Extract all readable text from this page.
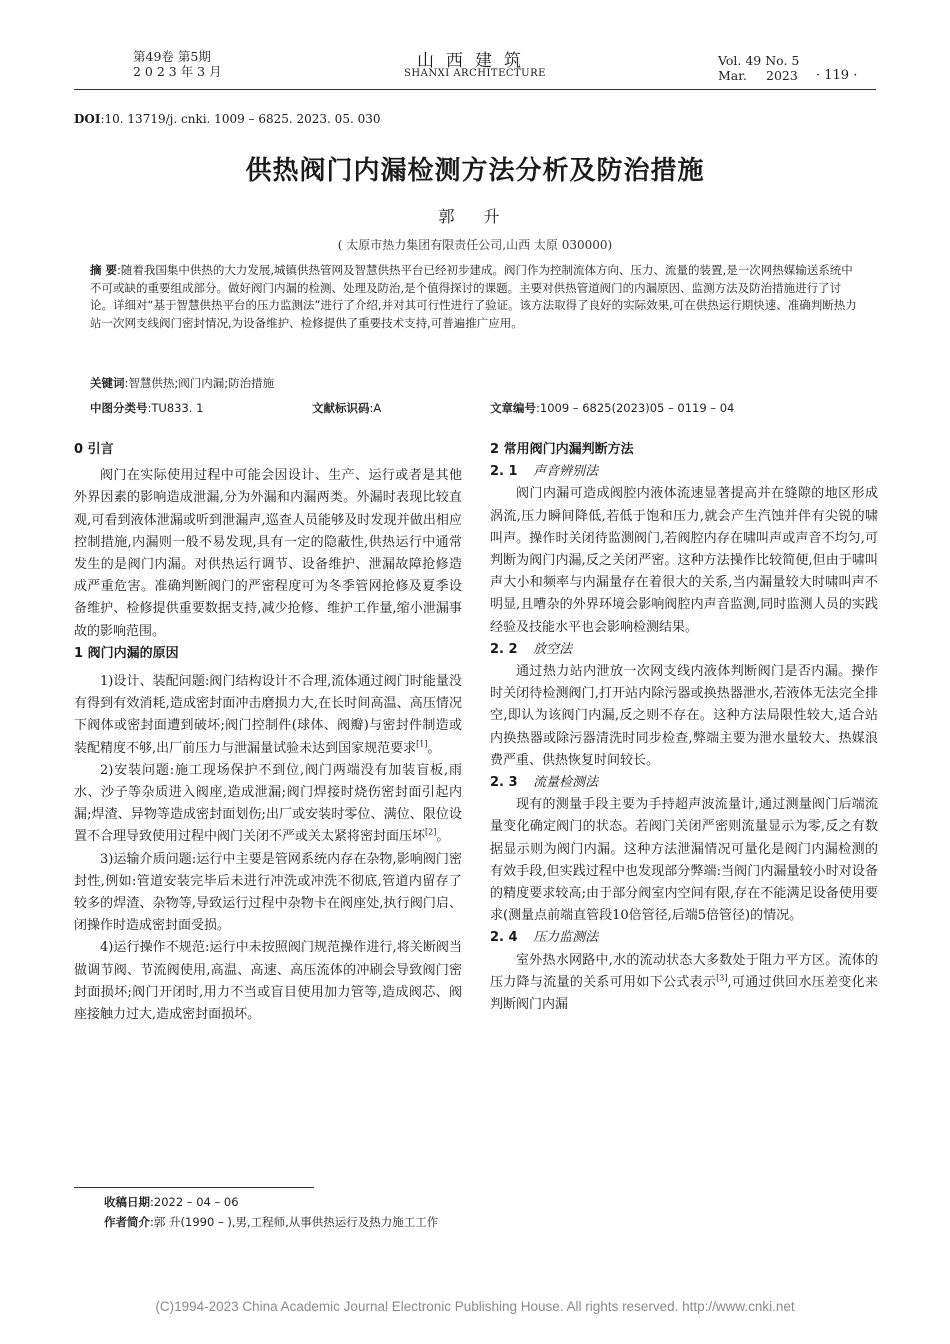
第49卷 第5期
2 0 2 3 年 3 月
山西建筑
SHANXI ARCHITECTURE
Vol. 49 No. 5
Mar. 2023 · 119 ·
DOI:10. 13719/j. cnki. 1009 – 6825. 2023. 05. 030
供热阀门内漏检测方法分析及防治措施
郭 升
( 太原市热力集团有限责任公司,山西 太原 030000)
摘 要:随着我国集中供热的大力发展,城镇供热管网及智慧供热平台已经初步建成。阀门作为控制流体方向、压力、流量的装置,是一次网热媒输送系统中不可或缺的重要组成部分。做好阀门内漏的检测、处理及防治,是个值得探讨的课题。主要对供热管道阀门的内漏原因、监测方法及防治措施进行了讨论。详细对“基于智慧供热平台的压力监测法”进行了介绍,并对其可行性进行了验证。该方法取得了良好的实际效果,可在供热运行期快速、准确判断热力站一次网支线阀门密封情况,为设备维护、检修提供了重要技术支持,可普遍推广应用。
关键词:智慧供热;阀门内漏;防治措施
中图分类号:TU833. 1	文献标识码:A	文章编号:1009 – 6825(2023)05 – 0119 – 04
0 引言

阀门在实际使用过程中可能会因设计、生产、运行或者是其他外界因素的影响造成泄漏,分为外漏和内漏两类。外漏时表现比较直观,可看到液体泄漏或听到泄漏声,巡查人员能够及时发现并做出相应控制措施,内漏则一般不易发现,具有一定的隐蔽性,供热运行中通常发生的是阀门内漏。对供热运行调节、设备维护、泄漏故障抢修造成严重危害。准确判断阀门的严密程度可为冬季管网抢修及夏季设备维护、检修提供重要数据支持,减少抢修、维护工作量,缩小泄漏事故的影响范围。

1 阀门内漏的原因

1)设计、装配问题:阀门结构设计不合理,流体通过阀门时能量没有得到有效消耗,造成密封面冲击磨损力大,在长时间高温、高压情况下阀体或密封面遭到破坏;阀门控制件(球体、阀瓣)与密封件制造或装配精度不够,出厂前压力与泄漏量试验未达到国家规范要求[1]。

2)安装问题:施工现场保护不到位,阀门两端没有加装盲板,雨水、沙子等杂质进入阀座,造成泄漏;阀门焊接时烧伤密封面引起内漏;焊渣、异物等造成密封面划伤;出厂或安装时零位、满位、限位设置不合理导致使用过程中阀门关闭不严或关太紧将密封面压坏[2]。

3)运输介质问题:运行中主要是管网系统内存在杂物,影响阀门密封性,例如:管道安装完毕后未进行冲洗或冲洗不彻底,管道内留存了较多的焊渣、杂物等,导致运行过程中杂物卡在阀座处,执行阀门启、闭操作时造成密封面受损。

4)运行操作不规范:运行中未按照阀门规范操作进行,将关断阀当做调节阀、节流阀使用,高温、高速、高压流体的冲刷会导致阀门密封面损坏;阀门开闭时,用力不当或盲目使用加力管等,造成阀芯、阀座接触力过大,造成密封面损坏。

2 常用阀门内漏判断方法
2. 1 声音辨别法

阀门内漏可造成阀腔内液体流速显著提高并在缝隙的地区形成涡流,压力瞬间降低,若低于饱和压力,就会产生汽蚀并伴有尖锐的啸叫声。操作时关闭待监测阀门,若阀腔内存在啸叫声或声音不均匀,可判断为阀门内漏,反之关闭严密。这种方法操作比较简便,但由于啸叫声大小和频率与内漏量存在着很大的关系,当内漏量较大时啸叫声不明显,且嘈杂的外界环境会影响阀腔内声音监测,同时监测人员的实践经验及技能水平也会影响检测结果。

2. 2 放空法

通过热力站内泄放一次网支线内液体判断阀门是否内漏。操作时关闭待检测阀门,打开站内除污器或换热器泄水,若液体无法完全排空,即认为该阀门内漏,反之则不存在。这种方法局限性较大,适合站内换热器或除污器清洗时同步检查,弊端主要为泄水量较大、热媒浪费严重、供热恢复时间较长。

2. 3 流量检测法

现有的测量手段主要为手持超声波流量计,通过测量阀门后端流量变化确定阀门的状态。若阀门关闭严密则流量显示为零,反之有数据显示则为阀门内漏。这种方法泄漏情况可量化是阀门内漏检测的有效手段,但实践过程中也发现部分弊端:当阀门内漏量较小时对设备的精度要求较高;由于部分阀室内空间有限,存在不能满足设备使用要求(测量点前端直管段10倍管径,后端5倍管径)的情况。

2. 4 压力监测法

室外热水网路中,水的流动状态大多数处于阻力平方区。流体的压力降与流量的关系可用如下公式表示[3],可通过供回水压差变化来判断阀门内漏

收稿日期:2022 – 04 – 06
作者简介:郭 升(1990 – ),男,工程师,从事供热运行及热力施工工作
(C)1994-2023 China Academic Journal Electronic Publishing House. All rights reserved. http://www.cnki.net
